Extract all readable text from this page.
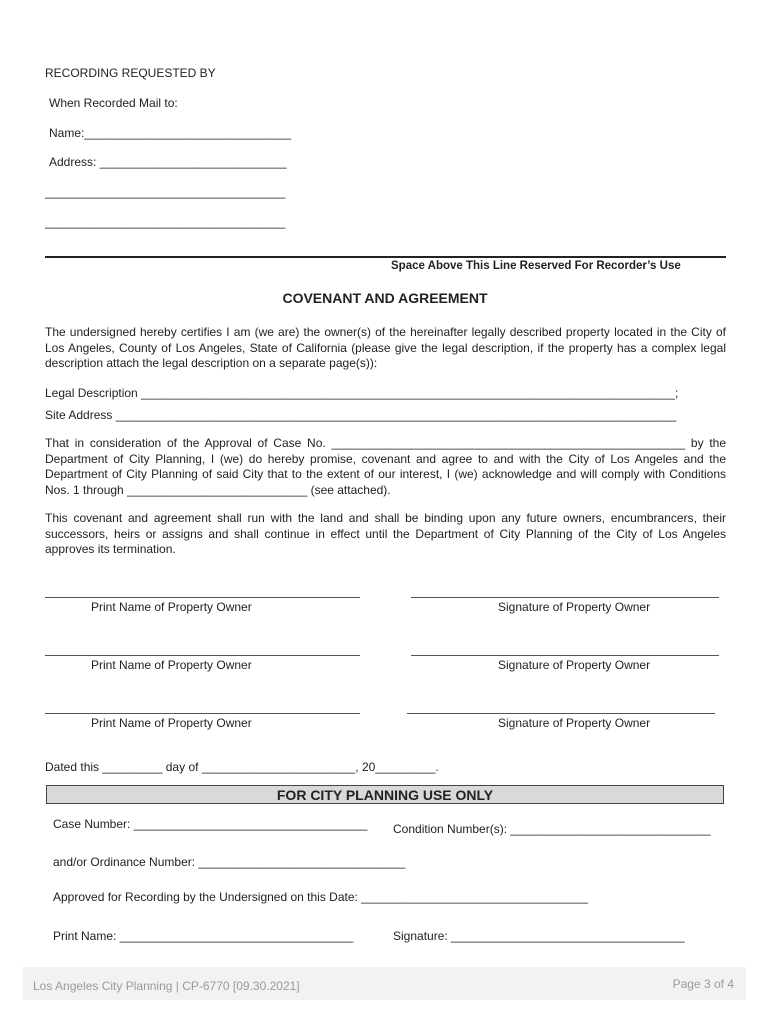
RECORDING REQUESTED BY
When Recorded Mail to:
Name:_______________________________
Address: ____________________________
____________________________________
____________________________________
Space Above This Line Reserved For Recorder’s Use
COVENANT AND AGREEMENT
The undersigned hereby certifies I am (we are) the owner(s) of the hereinafter legally described property located in the City of Los Angeles, County of Los Angeles, State of California (please give the legal description, if the property has a complex legal description attach the legal description on a separate page(s)):
Legal Description ________________________________________________________________________________;
Site Address ____________________________________________________________________________________
That in consideration of the Approval of Case No. _____________________________________________________ by the Department of City Planning, I (we) do hereby promise, covenant and agree to and with the City of Los Angeles and the Department of City Planning of said City that to the extent of our interest, I (we) acknowledge and will comply with Conditions Nos. 1 through ___________________________ (see attached).
This covenant and agreement shall run with the land and shall be binding upon any future owners, encumbrancers, their successors, heirs or assigns and shall continue in effect until the Department of City Planning of the City of Los Angeles approves its termination.
Print Name of Property Owner	Signature of Property Owner
Print Name of Property Owner	Signature of Property Owner
Print Name of Property Owner	Signature of Property Owner
Dated this _________ day of _______________________, 20_________.
FOR CITY PLANNING USE ONLY
Case Number: ___________________________________ Condition Number(s): ______________________________
and/or Ordinance Number: _______________________________
Approved for Recording by the Undersigned on this Date: __________________________________
Print Name: ___________________________________	Signature: ___________________________________
Los Angeles City Planning | CP-6770 [09.30.2021]	Page 3 of 4
